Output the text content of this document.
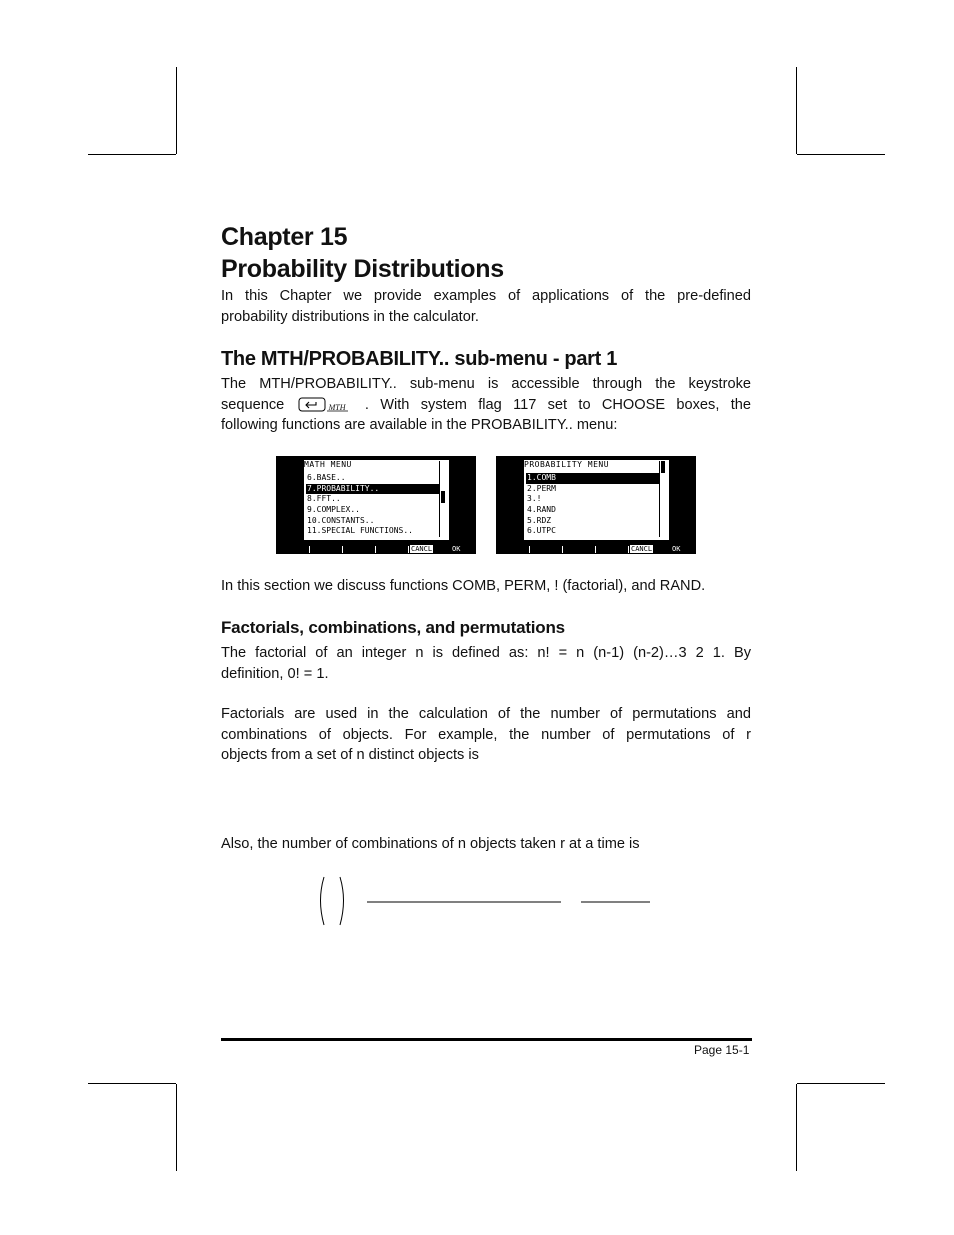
Chapter 15
Probability Distributions
In this Chapter we provide examples of applications of the pre-defined
probability distributions in the calculator.
The MTH/PROBABILITY.. sub-menu - part 1
The MTH/PROBABILITY.. sub-menu is accessible through the keystroke
sequence	MTH . With system flag 117 set to CHOOSE boxes, the
following functions are available in the PROBABILITY.. menu:
MATH MENU
6.BASE..
7.PROBABILITY..
8.FFT..
9.COMPLEX..
10.CONSTANTS..
11.SPECIAL FUNCTIONS..
CANCL	OK
PROBABILITY MENU
1.COMB
2.PERM
3.!
4.RAND
5.RDZ
6.UTPC
CANCL	OK
In this section we discuss functions COMB, PERM, ! (factorial), and RAND.
Factorials, combinations, and permutations
The factorial of an integer n is defined as: n! = n (n-1) (n-2)…3 2 1. By
definition, 0! = 1.
Factorials are used in the calculation of the number of permutations and
combinations of objects. For example, the number of permutations of r
objects from a set of n distinct objects is
Also, the number of combinations of n objects taken r at a time is
Page 15-1
